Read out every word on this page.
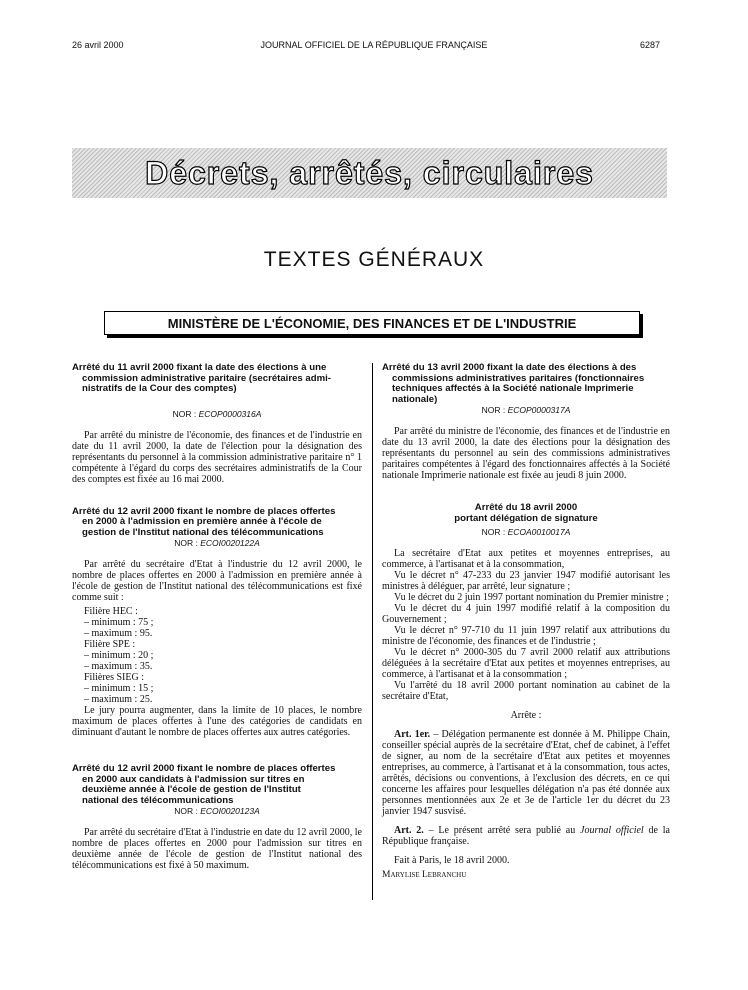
26 avril 2000	JOURNAL OFFICIEL DE LA RÉPUBLIQUE FRANÇAISE	6287
Décrets, arrêtés, circulaires
TEXTES GÉNÉRAUX
MINISTÈRE DE L'ÉCONOMIE, DES FINANCES ET DE L'INDUSTRIE

Arrêté du 11 avril 2000 fixant la date des élections à une
commission administrative paritaire (secrétaires admi-
nistratifs de la Cour des comptes)

NOR : ECOP0000316A

Par arrêté du ministre de l'économie, des finances et de l'industrie en date du 11 avril 2000, la date de l'élection pour la désignation des représentants du personnel à la commission administrative paritaire n° 1 compétente à l'égard du corps des secrétaires administratifs de la Cour des comptes est fixée au 16 mai 2000.

Arrêté du 12 avril 2000 fixant le nombre de places offertes
en 2000 à l'admission en première année à l'école de
gestion de l'Institut national des télécommunications

NOR : ECOI0020122A

Par arrêté du secrétaire d'Etat à l'industrie du 12 avril 2000, le nombre de places offertes en 2000 à l'admission en première année à l'école de gestion de l'Institut national des télécommunications est fixé comme suit :

Filière HEC :

– minimum : 75 ;

– maximum : 95.

Filière SPE :

– minimum : 20 ;

– maximum : 35.

Filières SIEG :

– minimum : 15 ;

– maximum : 25.

Le jury pourra augmenter, dans la limite de 10 places, le nombre maximum de places offertes à l'une des catégories de candidats en diminuant d'autant le nombre de places offertes aux autres catégories.

Arrêté du 12 avril 2000 fixant le nombre de places offertes
en 2000 aux candidats à l'admission sur titres en
deuxième année à l'école de gestion de l'Institut
national des télécommunications

NOR : ECOI0020123A

Par arrêté du secrétaire d'Etat à l'industrie en date du 12 avril 2000, le nombre de places offertes en 2000 pour l'admission sur titres en deuxième année de l'école de gestion de l'Institut national des télécommunications est fixé à 50 maximum.

Arrêté du 13 avril 2000 fixant la date des élections à des
commissions administratives paritaires (fonctionnaires
techniques affectés à la Société nationale Imprimerie
nationale)

NOR : ECOP0000317A

Par arrêté du ministre de l'économie, des finances et de l'industrie en date du 13 avril 2000, la date des élections pour la désignation des représentants du personnel au sein des commissions administratives paritaires compétentes à l'égard des fonctionnaires affectés à la Société nationale Imprimerie nationale est fixée au jeudi 8 juin 2000.

Arrêté du 18 avril 2000
portant délégation de signature

NOR : ECOA0010017A

La secrétaire d'Etat aux petites et moyennes entreprises, au commerce, à l'artisanat et à la consommation,

Vu le décret n° 47-233 du 23 janvier 1947 modifié autorisant les ministres à déléguer, par arrêté, leur signature ;

Vu le décret du 2 juin 1997 portant nomination du Premier ministre ;

Vu le décret du 4 juin 1997 modifié relatif à la composition du Gouvernement ;

Vu le décret n° 97-710 du 11 juin 1997 relatif aux attributions du ministre de l'économie, des finances et de l'industrie ;

Vu le décret n° 2000-305 du 7 avril 2000 relatif aux attributions déléguées à la secrétaire d'Etat aux petites et moyennes entreprises, au commerce, à l'artisanat et à la consommation ;

Vu l'arrêté du 18 avril 2000 portant nomination au cabinet de la secrétaire d'Etat,

Arrête :

Art. 1er. – Délégation permanente est donnée à M. Philippe Chain, conseiller spécial auprès de la secrétaire d'Etat, chef de cabinet, à l'effet de signer, au nom de la secrétaire d'Etat aux petites et moyennes entreprises, au commerce, à l'artisanat et à la consommation, tous actes, arrêtés, décisions ou conventions, à l'exclusion des décrets, en ce qui concerne les affaires pour lesquelles délégation n'a pas été donnée aux personnes mentionnées aux 2e et 3e de l'article 1er du décret du 23 janvier 1947 susvisé.

Art. 2. – Le présent arrêté sera publié au Journal officiel de la République française.

Fait à Paris, le 18 avril 2000.

Marylise Lebranchu
